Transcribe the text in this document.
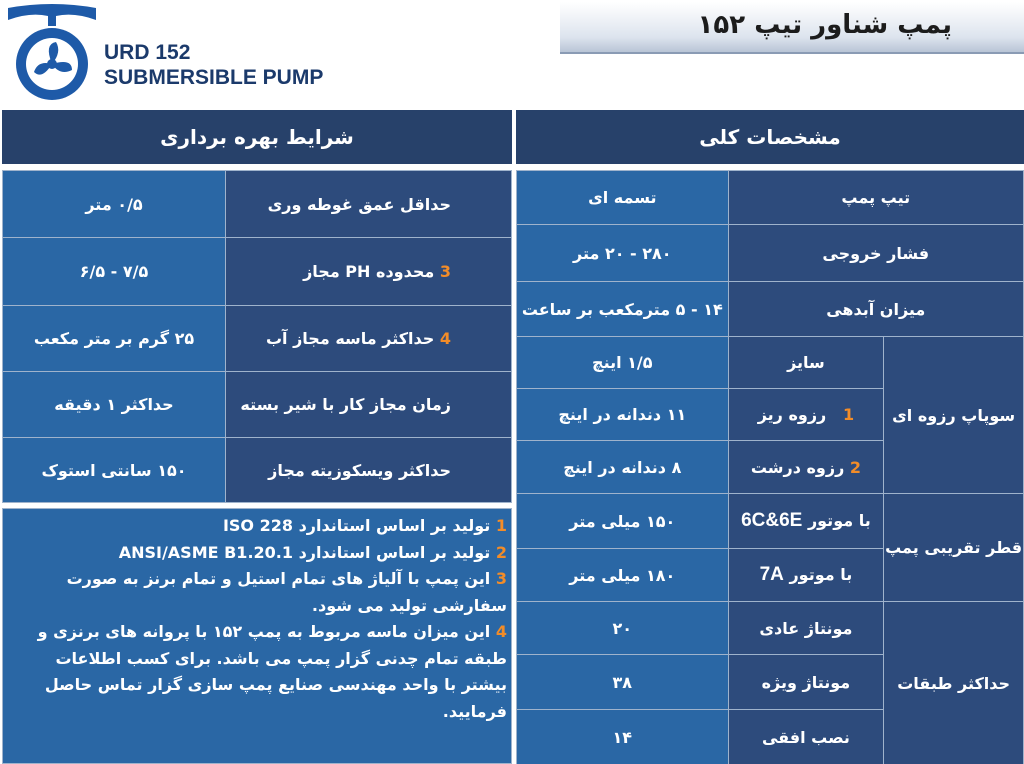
URD 152
SUBMERSIBLE PUMP
پمپ شناور تیپ ۱۵۲
شرایط بهره برداری	مشخصات کلی
حداقل عمق غوطه وری	۰/۵ متر
3 محدوده PH مجاز	۷/۵ - ۶/۵
4 حداکثر ماسه مجاز آب	۲۵ گرم بر متر مکعب
زمان مجاز کار با شیر بسته	حداکثر ۱ دقیقه
حداکثر ویسکوزیته مجاز	۱۵۰ سانتی استوک
1 تولید بر اساس استاندارد ISO 228
2 تولید بر اساس استاندارد ANSI/ASME B1.20.1
3 این پمپ با آلیاژ های تمام استیل و تمام برنز به صورت سفارشی تولید می شود.
4 این میزان ماسه مربوط به پمپ ۱۵۲ با پروانه های برنزی و طبقه تمام چدنی گزار پمپ می باشد. برای کسب اطلاعات بیشتر با واحد مهندسی صنایع پمپ سازی گزار تماس حاصل فرمایید.
تیپ پمپ		تسمه ای
فشار خروجی		۲۸۰ - ۲۰ متر
میزان آبدهی		۱۴ - ۵ مترمکعب بر ساعت
سوپاپ رزوه ای	سایز	۱/۵ اینچ
	1   رزوه ریز	۱۱ دندانه در اینچ
	2 رزوه درشت	۸ دندانه در اینچ
قطر تقریبی پمپ	با موتور 6C&6E	۱۵۰ میلی متر
	با موتور 7A	۱۸۰ میلی متر
حداکثر طبقات	مونتاژ عادی	۲۰
	مونتاژ ویژه	۳۸
	نصب افقی	۱۴
